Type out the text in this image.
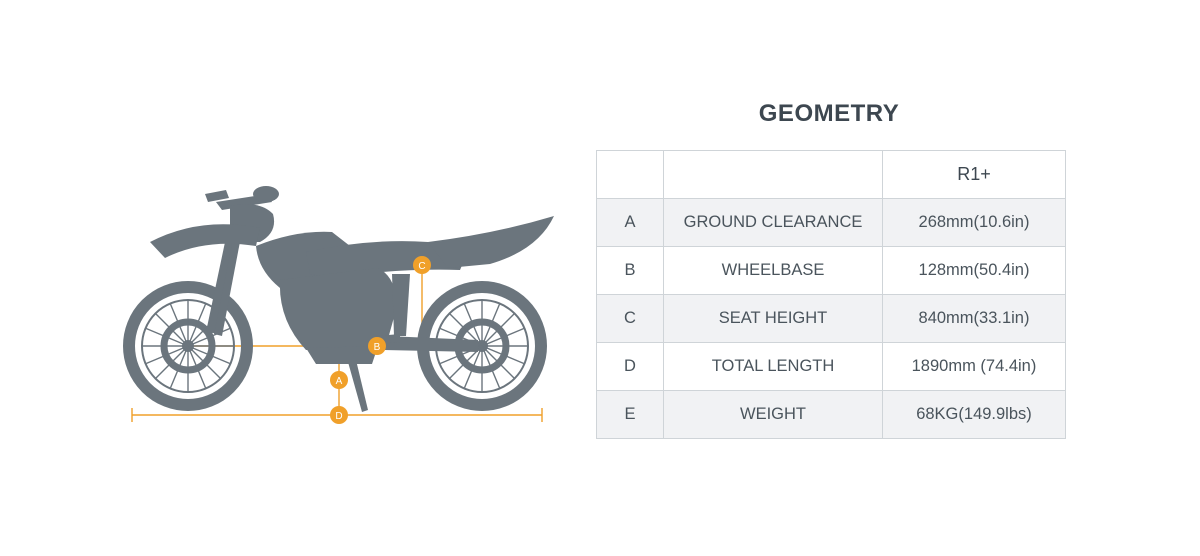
A
B
C
D
GEOMETRY
		R1+
A	GROUND CLEARANCE	268mm(10.6in)
B	WHEELBASE	128mm(50.4in)
C	SEAT HEIGHT	840mm(33.1in)
D	TOTAL LENGTH	1890mm (74.4in)
E	WEIGHT	68KG(149.9lbs)
